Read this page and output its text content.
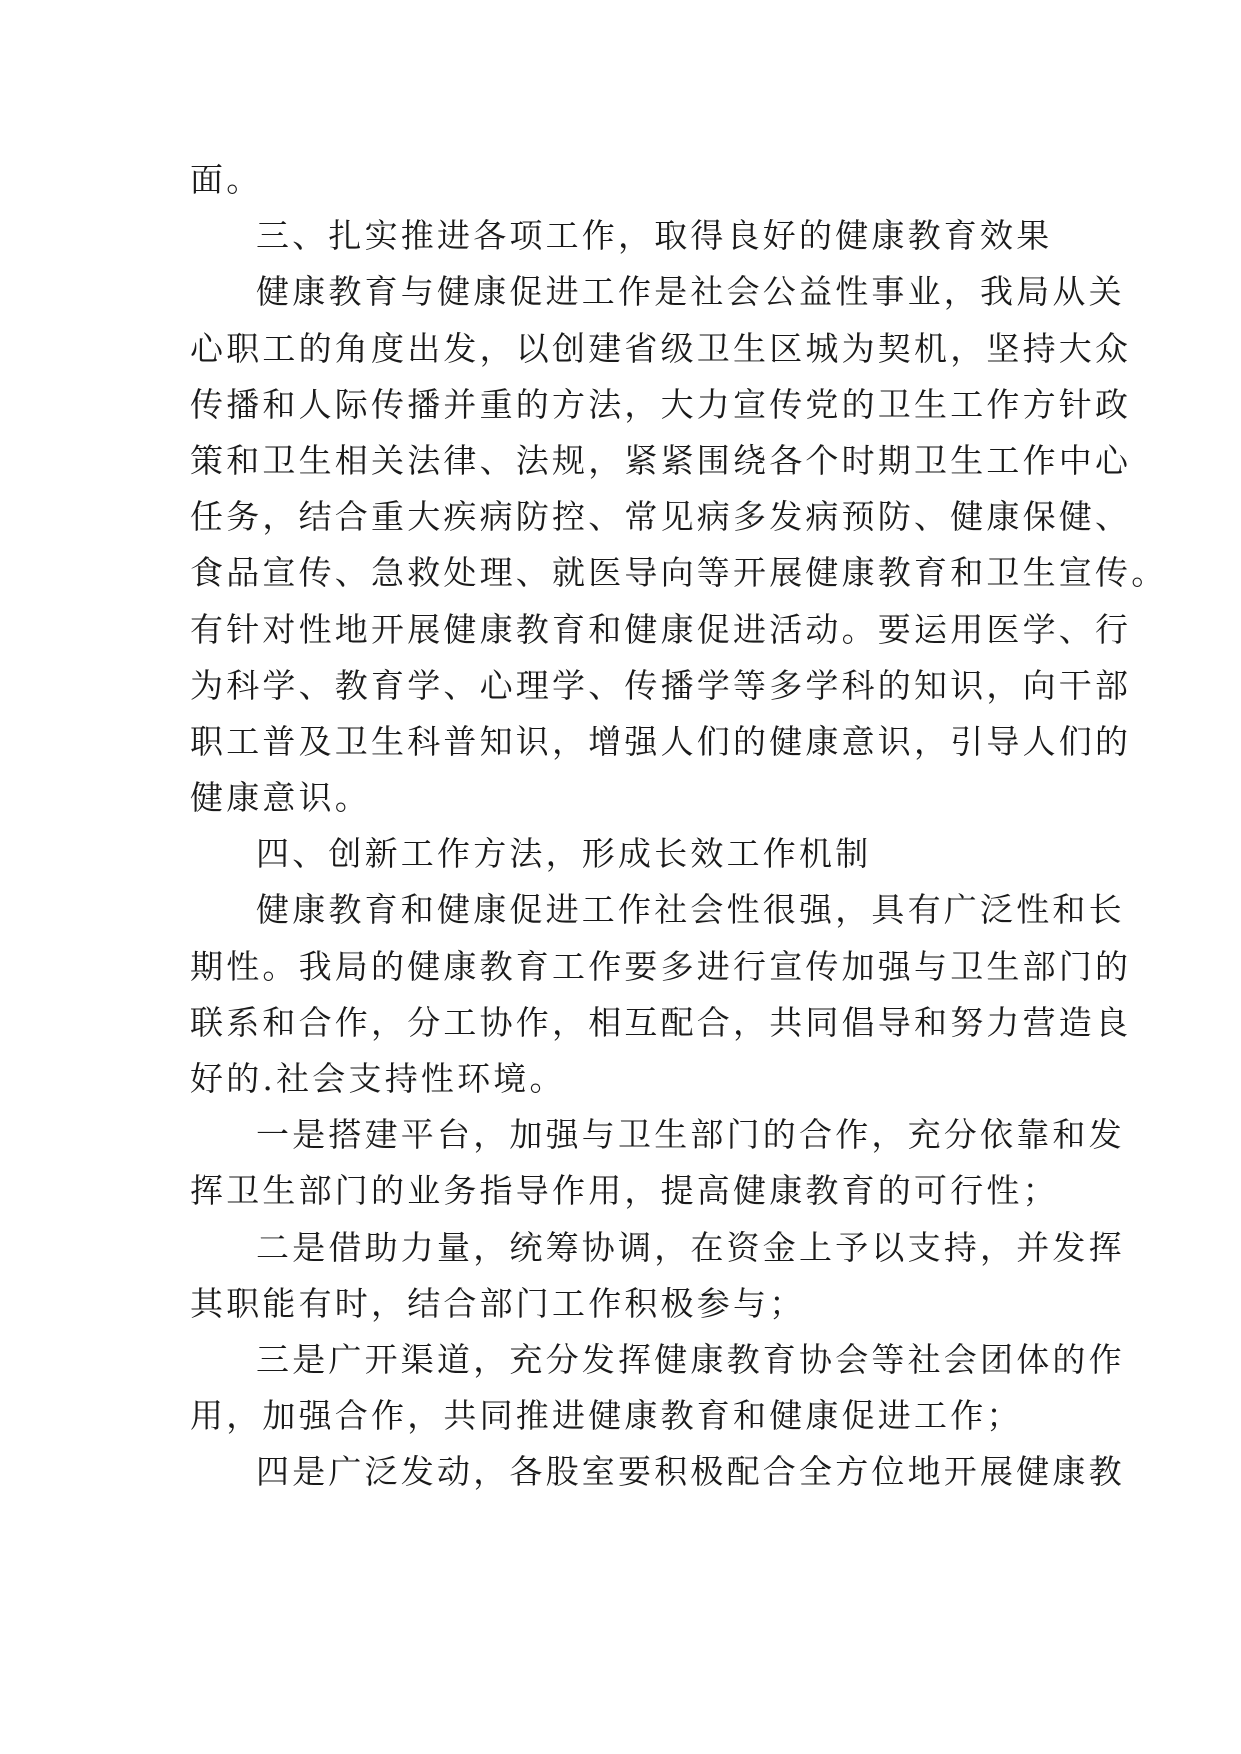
面。
三、扎实推进各项工作，取得良好的健康教育效果
健康教育与健康促进工作是社会公益性事业，我局从关
心职工的角度出发，以创建省级卫生区城为契机，坚持大众
传播和人际传播并重的方法，大力宣传党的卫生工作方针政
策和卫生相关法律、法规，紧紧围绕各个时期卫生工作中心
任务，结合重大疾病防控、常见病多发病预防、健康保健、
食品宣传、急救处理、就医导向等开展健康教育和卫生宣传。
有针对性地开展健康教育和健康促进活动。要运用医学、行
为科学、教育学、心理学、传播学等多学科的知识，向干部
职工普及卫生科普知识，增强人们的健康意识，引导人们的
健康意识。
四、创新工作方法，形成长效工作机制
健康教育和健康促进工作社会性很强，具有广泛性和长
期性。我局的健康教育工作要多进行宣传加强与卫生部门的
联系和合作，分工协作，相互配合，共同倡导和努力营造良
好的.社会支持性环境。
一是搭建平台，加强与卫生部门的合作，充分依靠和发
挥卫生部门的业务指导作用，提高健康教育的可行性；
二是借助力量，统筹协调，在资金上予以支持，并发挥
其职能有时，结合部门工作积极参与；
三是广开渠道，充分发挥健康教育协会等社会团体的作
用，加强合作，共同推进健康教育和健康促进工作；
四是广泛发动，各股室要积极配合全方位地开展健康教
